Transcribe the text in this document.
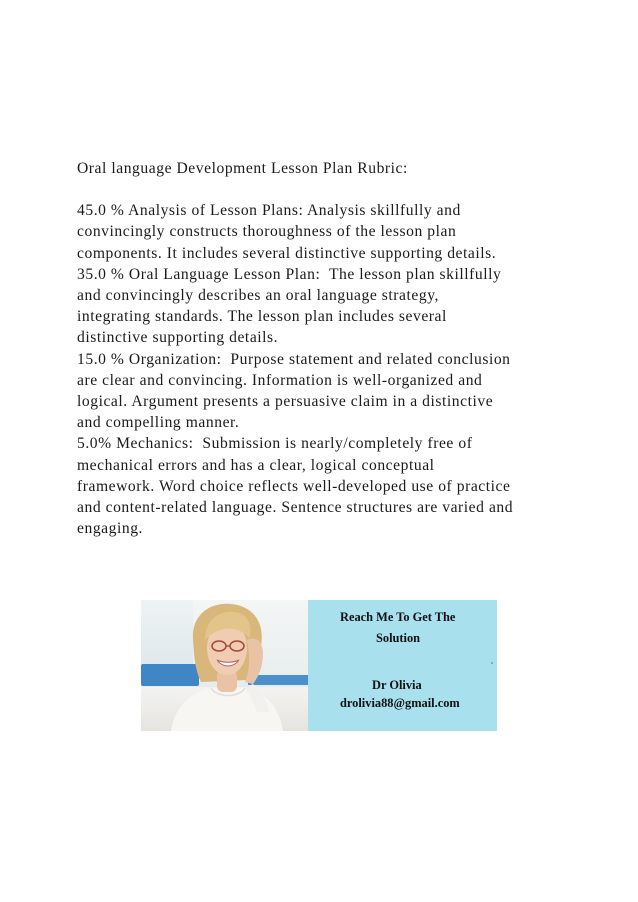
Oral language Development Lesson Plan Rubric:

45.0 % Analysis of Lesson Plans: Analysis skillfully and
convincingly constructs thoroughness of the lesson plan
components. It includes several distinctive supporting details.

35.0 % Oral Language Lesson Plan:  The lesson plan skillfully
and convincingly describes an oral language strategy,
integrating standards. The lesson plan includes several
distinctive supporting details.

15.0 % Organization:  Purpose statement and related conclusion
are clear and convincing. Information is well-organized and
logical. Argument presents a persuasive claim in a distinctive
and compelling manner.

5.0% Mechanics:  Submission is nearly/completely free of
mechanical errors and has a clear, logical conceptual
framework. Word choice reflects well-developed use of practice
and content-related language. Sentence structures are varied and
engaging.

Reach Me To Get The
Solution
Dr Olivia
drolivia88@gmail.com
